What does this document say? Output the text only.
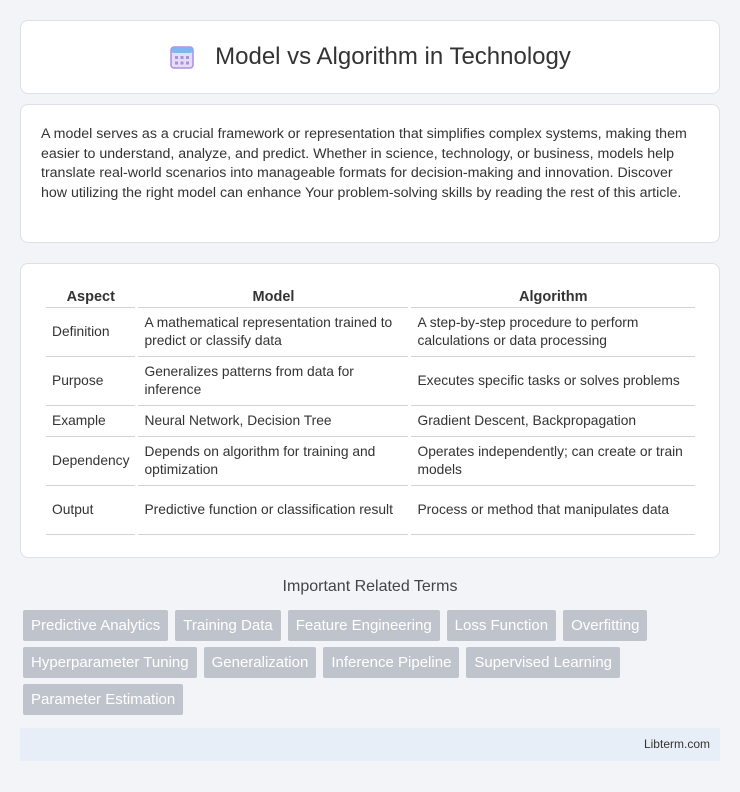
Model vs Algorithm in Technology

A model serves as a crucial framework or representation that simplifies complex systems, making them easier to understand, analyze, and predict. Whether in science, technology, or business, models help translate real-world scenarios into manageable formats for decision-making and innovation. Discover how utilizing the right model can enhance Your problem-solving skills by reading the rest of this article.

Aspect	Model	Algorithm
Definition	A mathematical representation trained to predict or classify data	A step-by-step procedure to perform calculations or data processing
Purpose	Generalizes patterns from data for inference	Executes specific tasks or solves problems
Example	Neural Network, Decision Tree	Gradient Descent, Backpropagation
Dependency	Depends on algorithm for training and optimization	Operates independently; can create or train models
Output	Predictive function or classification result	Process or method that manipulates data
Important Related Terms
Predictive Analytics	Training Data	Feature Engineering	Loss Function	Overfitting
Hyperparameter Tuning	Generalization	Inference Pipeline	Supervised Learning
Parameter Estimation
Libterm.com
